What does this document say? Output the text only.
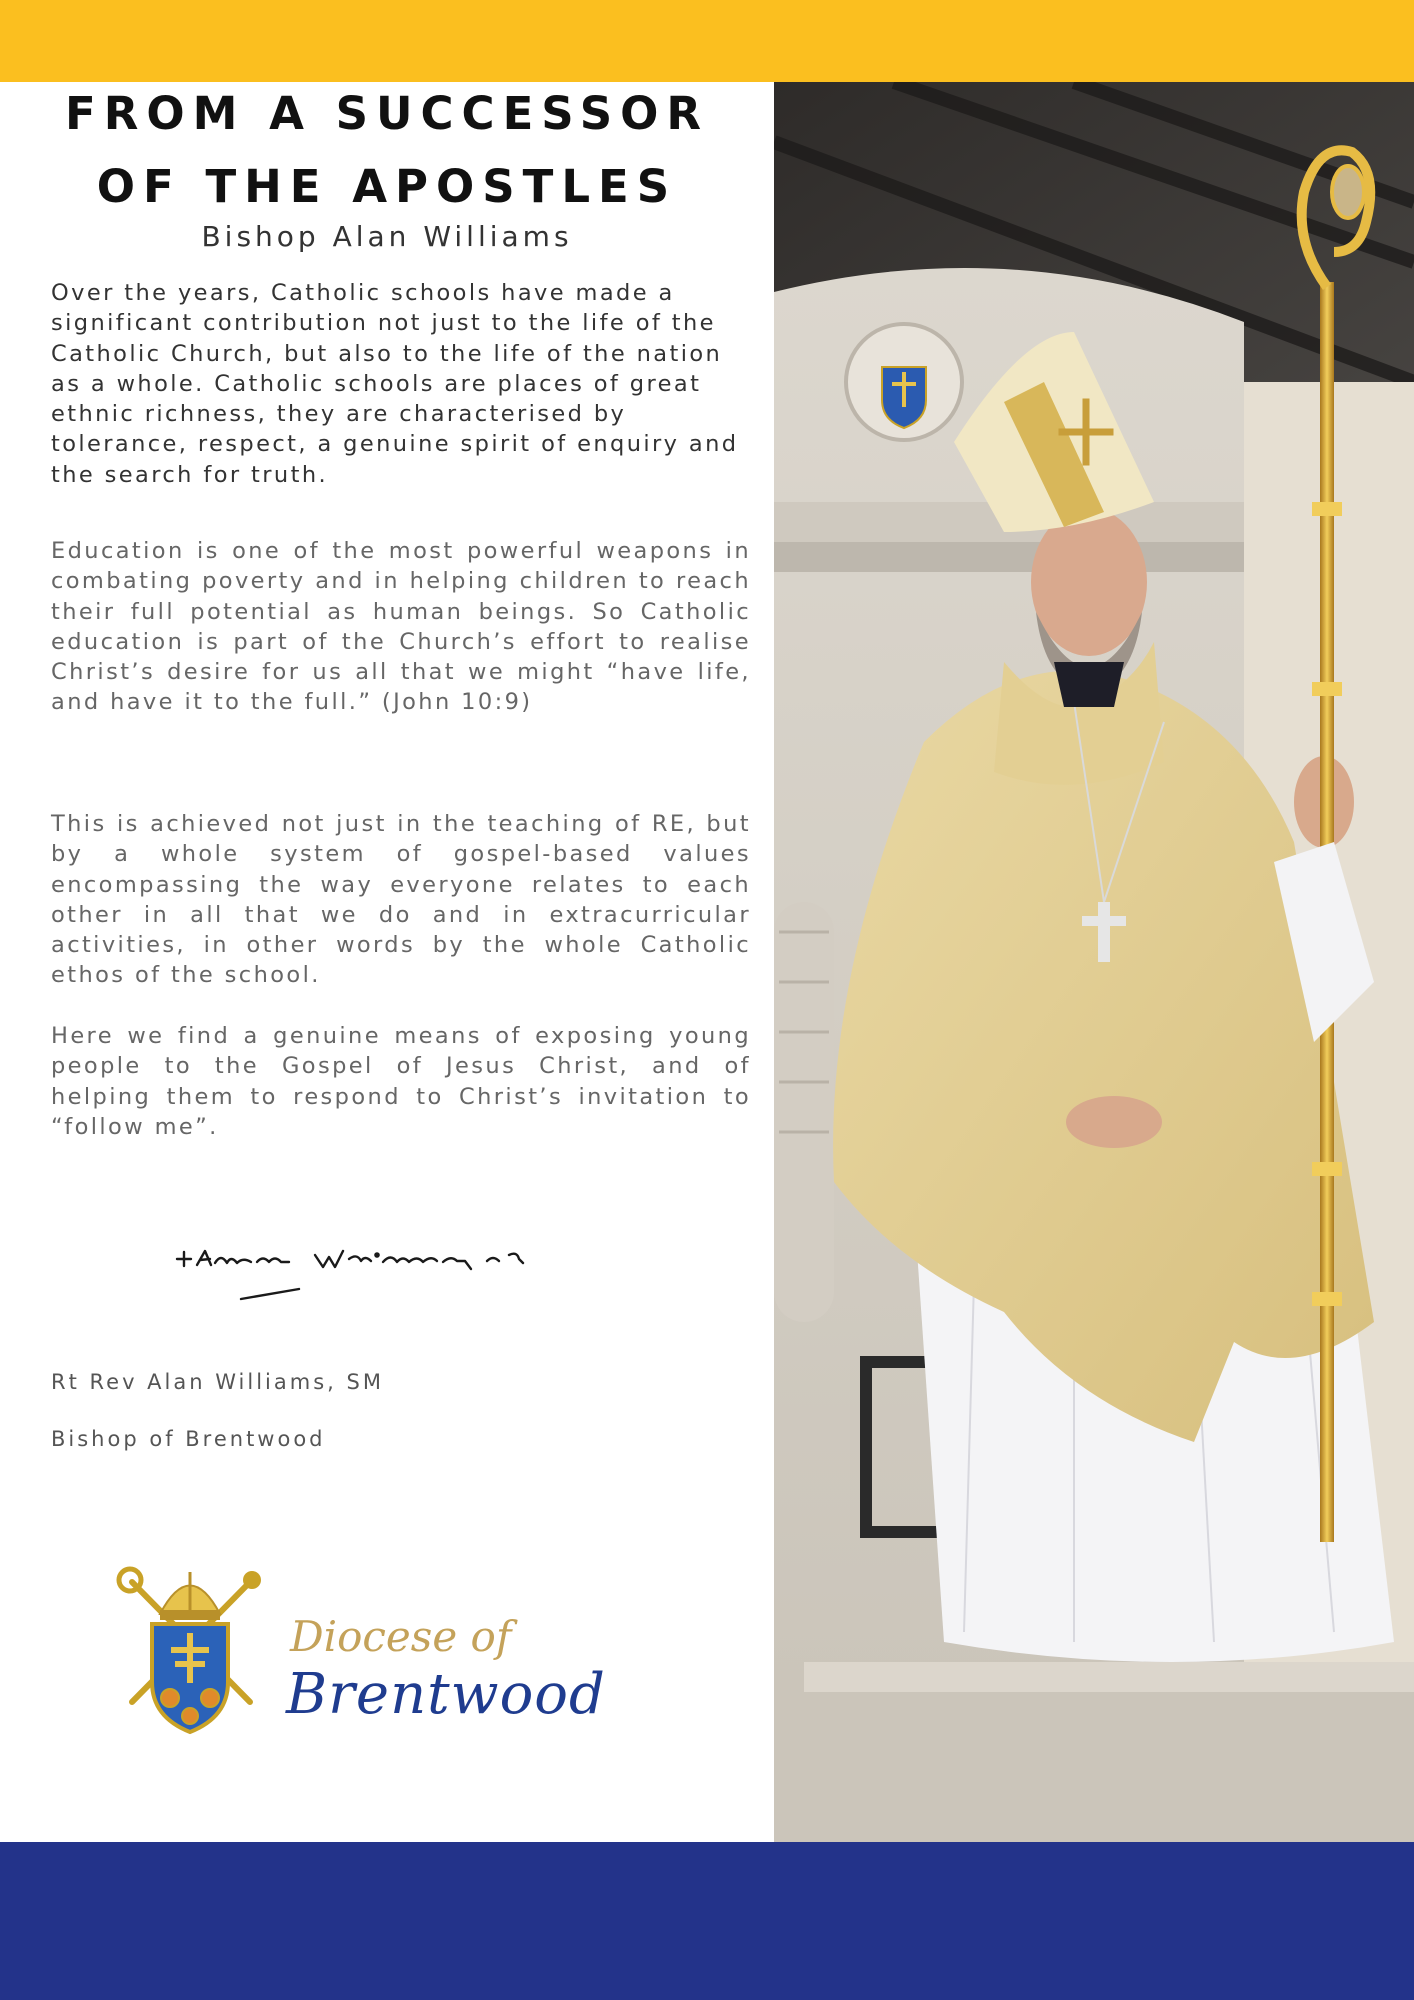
FROM A SUCCESSOR
OF THE APOSTLES
Bishop Alan Williams

Over the years, Catholic schools have made a significant contribution not just to the life of the Catholic Church, but also to the life of the nation as a whole. Catholic schools are places of great ethnic richness, they are characterised by tolerance, respect, a genuine spirit of enquiry and the search for truth.

Education is one of the most powerful weapons in combating poverty and in helping children to reach their full potential as human beings. So Catholic education is part of the Church’s effort to realise Christ’s desire for us all that we might “have life, and have it to the full.” (John 10:9)

This is achieved not just in the teaching of RE, but by a whole system of gospel-based values encompassing the way everyone relates to each other in all that we do and in extracurricular activities, in other words by the whole Catholic ethos of the school.

Here we find a genuine means of exposing young people to the Gospel of Jesus Christ, and of helping them to respond to Christ’s invitation to “follow me”.

Rt Rev Alan Williams, SM
Bishop of Brentwood
Diocese of
Brentwood
